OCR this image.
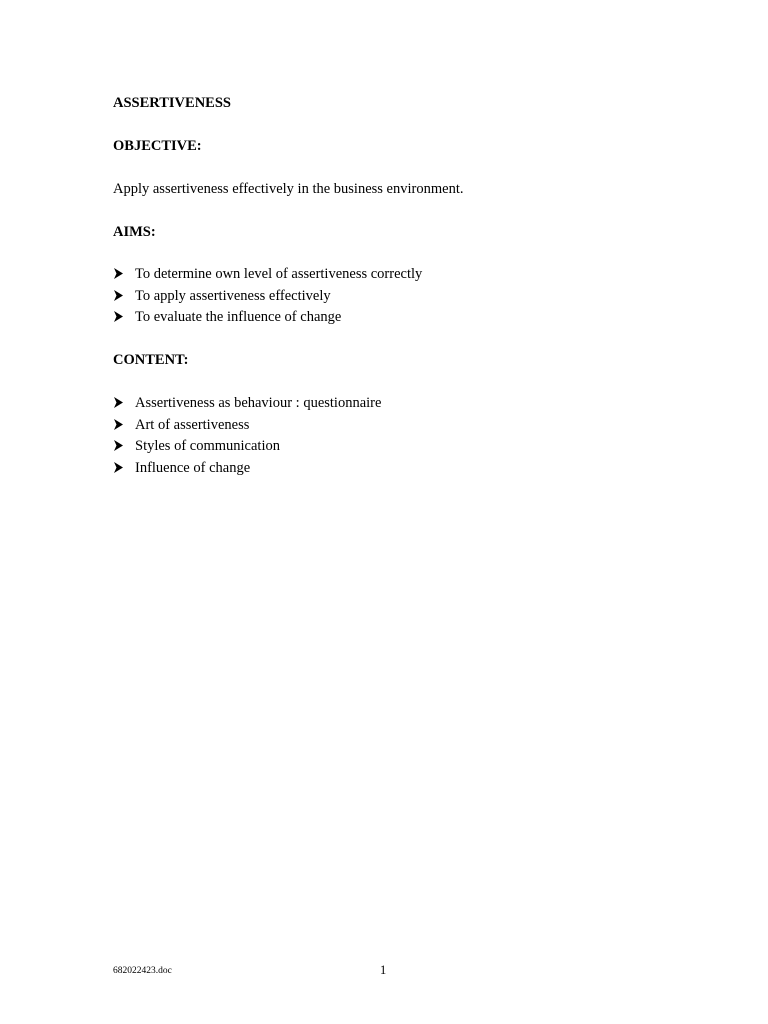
ASSERTIVENESS
OBJECTIVE:
Apply assertiveness effectively in the business environment.
AIMS:
To determine own level of assertiveness correctly
To apply assertiveness effectively
To evaluate the influence of change
CONTENT:
Assertiveness as behaviour : questionnaire
Art of assertiveness
Styles of communication
Influence of change
682022423.doc	1
